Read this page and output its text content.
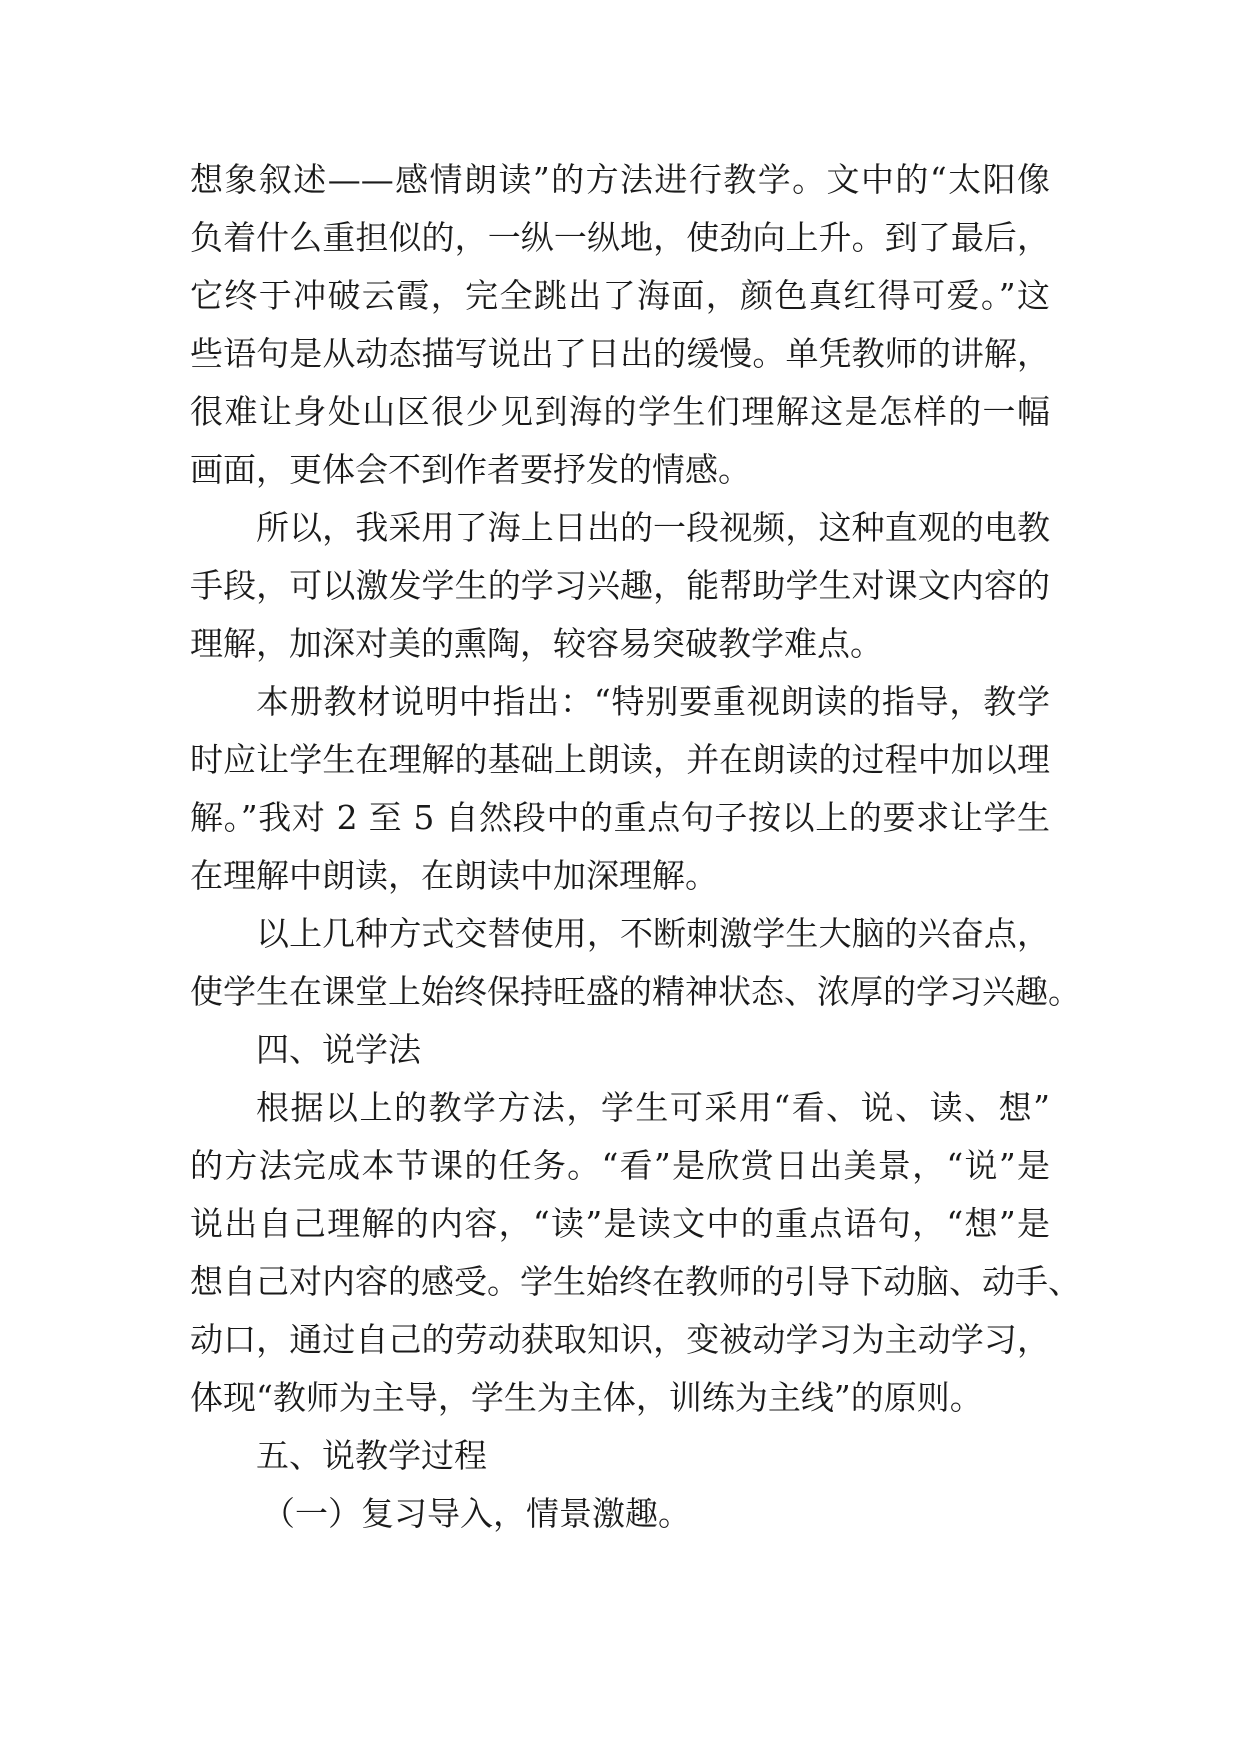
想象叙述——感情朗读”的方法进行教学。文中的“太阳像
负着什么重担似的，一纵一纵地，使劲向上升。到了最后，
它终于冲破云霞，完全跳出了海面，颜色真红得可爱。”这
些语句是从动态描写说出了日出的缓慢。单凭教师的讲解，
很难让身处山区很少见到海的学生们理解这是怎样的一幅
画面，更体会不到作者要抒发的情感。
所以，我采用了海上日出的一段视频，这种直观的电教
手段，可以激发学生的学习兴趣，能帮助学生对课文内容的
理解，加深对美的熏陶，较容易突破教学难点。
本册教材说明中指出：“特别要重视朗读的指导，教学
时应让学生在理解的基础上朗读，并在朗读的过程中加以理
解。”我对 2 至 5 自然段中的重点句子按以上的要求让学生
在理解中朗读，在朗读中加深理解。
以上几种方式交替使用，不断刺激学生大脑的兴奋点，
使学生在课堂上始终保持旺盛的精神状态、浓厚的学习兴趣。
四、说学法
根据以上的教学方法，学生可采用“看、说、读、想”
的方法完成本节课的任务。“看”是欣赏日出美景，“说”是
说出自己理解的内容，“读”是读文中的重点语句，“想”是
想自己对内容的感受。学生始终在教师的引导下动脑、动手、
动口，通过自己的劳动获取知识，变被动学习为主动学习，
体现“教师为主导，学生为主体，训练为主线”的原则。
五、说教学过程
（一）复习导入，情景激趣。
